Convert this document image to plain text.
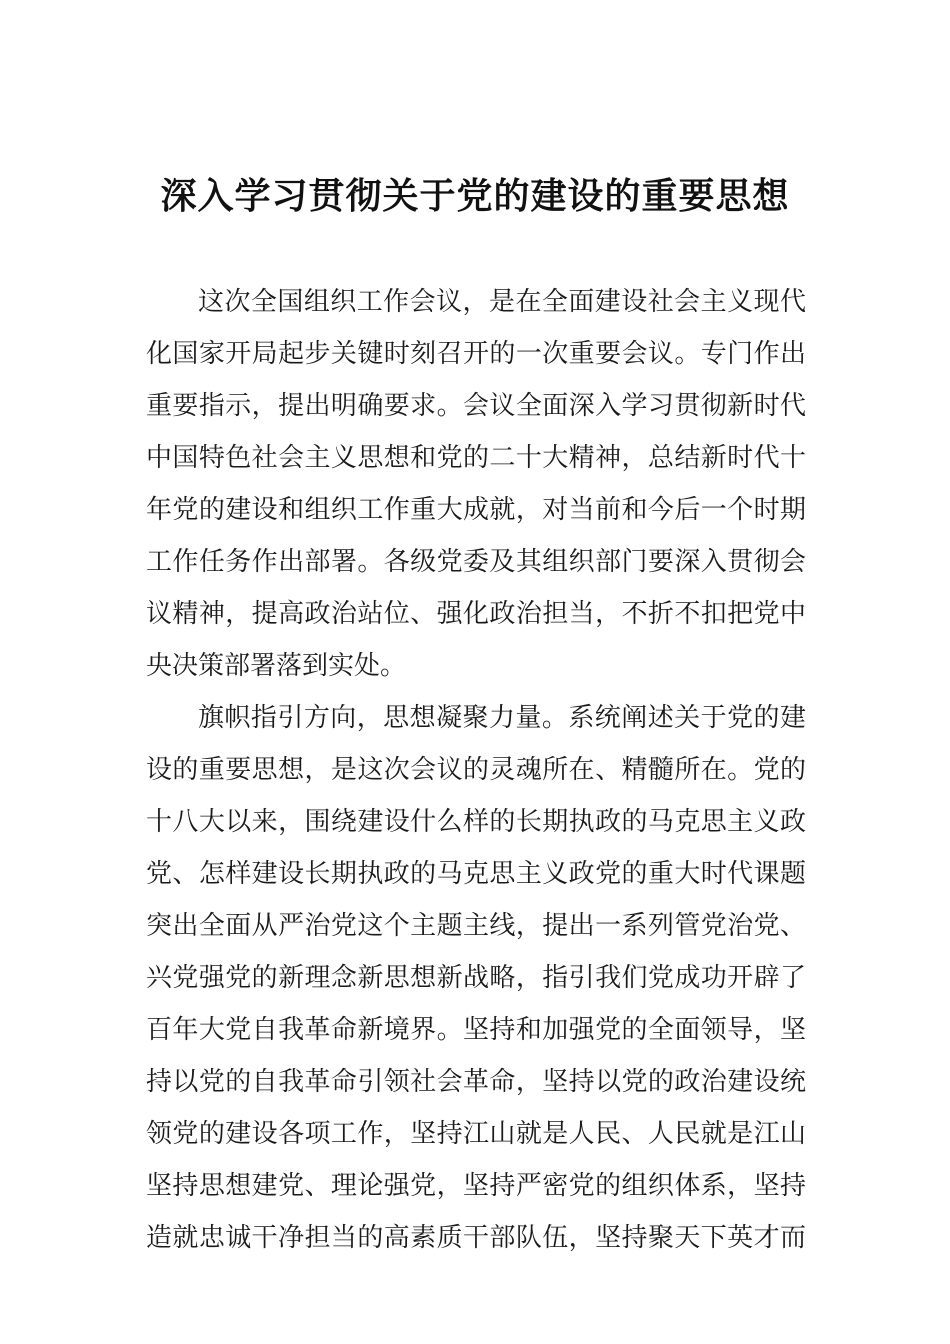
深入学习贯彻关于党的建设的重要思想
这次全国组织工作会议，是在全面建设社会主义现代
化国家开局起步关键时刻召开的一次重要会议。专门作出
重要指示，提出明确要求。会议全面深入学习贯彻新时代
中国特色社会主义思想和党的二十大精神，总结新时代十
年党的建设和组织工作重大成就，对当前和今后一个时期
工作任务作出部署。各级党委及其组织部门要深入贯彻会
议精神，提高政治站位、强化政治担当，不折不扣把党中
央决策部署落到实处。
旗帜指引方向，思想凝聚力量。系统阐述关于党的建
设的重要思想，是这次会议的灵魂所在、精髓所在。党的
十八大以来，围绕建设什么样的长期执政的马克思主义政
党、怎样建设长期执政的马克思主义政党的重大时代课题
突出全面从严治党这个主题主线，提出一系列管党治党、
兴党强党的新理念新思想新战略，指引我们党成功开辟了
百年大党自我革命新境界。坚持和加强党的全面领导，坚
持以党的自我革命引领社会革命，坚持以党的政治建设统
领党的建设各项工作，坚持江山就是人民、人民就是江山
坚持思想建党、理论强党，坚持严密党的组织体系，坚持
造就忠诚干净担当的高素质干部队伍，坚持聚天下英才而
